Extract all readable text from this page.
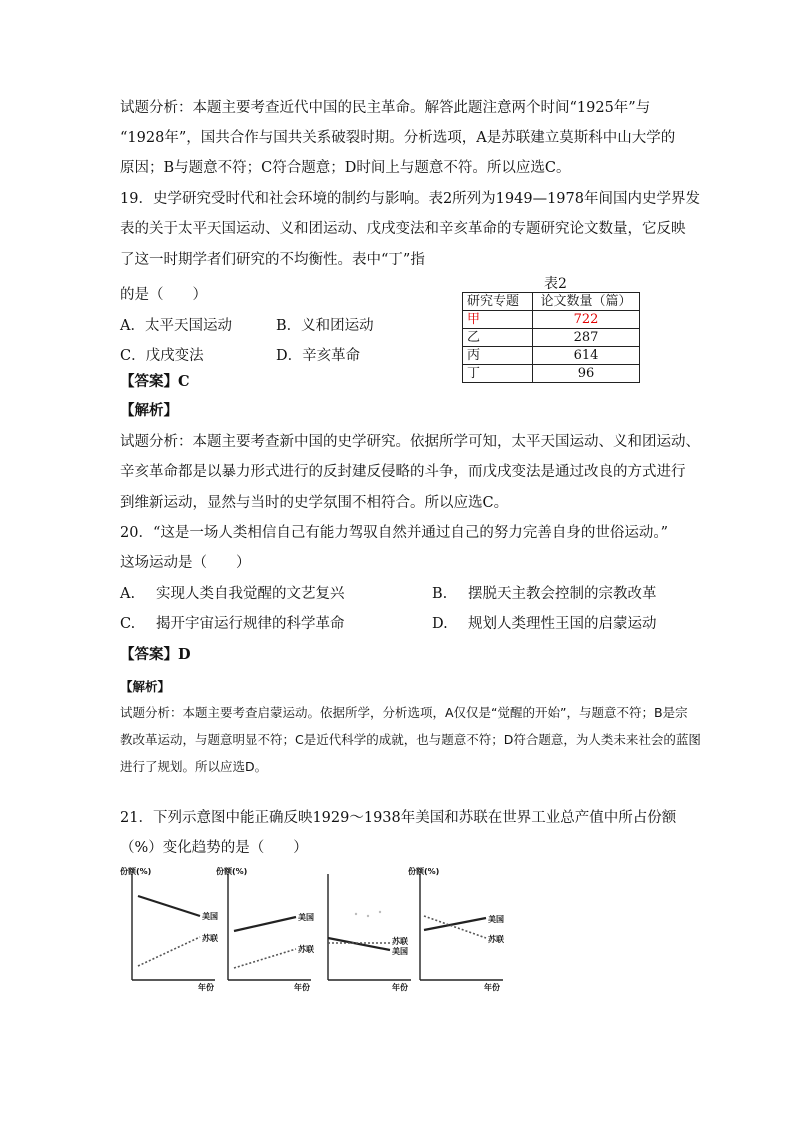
试题分析：本题主要考查近代中国的民主革命。解答此题注意两个时间“1925年”与
“1928年”，国共合作与国共关系破裂时期。分析选项，A是苏联建立莫斯科中山大学的
原因；B与题意不符；C符合题意；D时间上与题意不符。所以应选C。
19．史学研究受时代和社会环境的制约与影响。表2所列为1949—1978年间国内史学界发
表的关于太平天国运动、义和团运动、戊戌变法和辛亥革命的专题研究论文数量，它反映
了这一时期学者们研究的不均衡性。表中“丁”指
的是（　　）
表2
研究专题	论文数量（篇）
甲	722
乙	287
丙	614
丁	96
A．太平天国运动	B．义和团运动
C．戊戌变法	D．辛亥革命
【答案】C
【解析】
试题分析：本题主要考查新中国的史学研究。依据所学可知，太平天国运动、义和团运动、
辛亥革命都是以暴力形式进行的反封建反侵略的斗争，而戊戌变法是通过改良的方式进行
到维新运动，显然与当时的史学氛围不相符合。所以应选C。
20．“这是一场人类相信自己有能力驾驭自然并通过自己的努力完善自身的世俗运动。”
这场运动是（　　）
A. 实现人类自我觉醒的文艺复兴	B. 摆脱天主教会控制的宗教改革
C. 揭开宇宙运行规律的科学革命	D. 规划人类理性王国的启蒙运动
【答案】D
【解析】
试题分析：本题主要考查启蒙运动。依据所学，分析选项，A仅仅是“觉醒的开始”，与题意不符；B是宗
教改革运动，与题意明显不符；C是近代科学的成就，也与题意不符；D符合题意，为人类未来社会的蓝图
进行了规划。所以应选D。
21．下列示意图中能正确反映1929～1938年美国和苏联在世界工业总产值中所占份额
（%）变化趋势的是（　　）
份额(%)
年份
美国
苏联
份额(%)
年份
美国
苏联
年份
苏联
美国
份额(%)
年份
美国
苏联
